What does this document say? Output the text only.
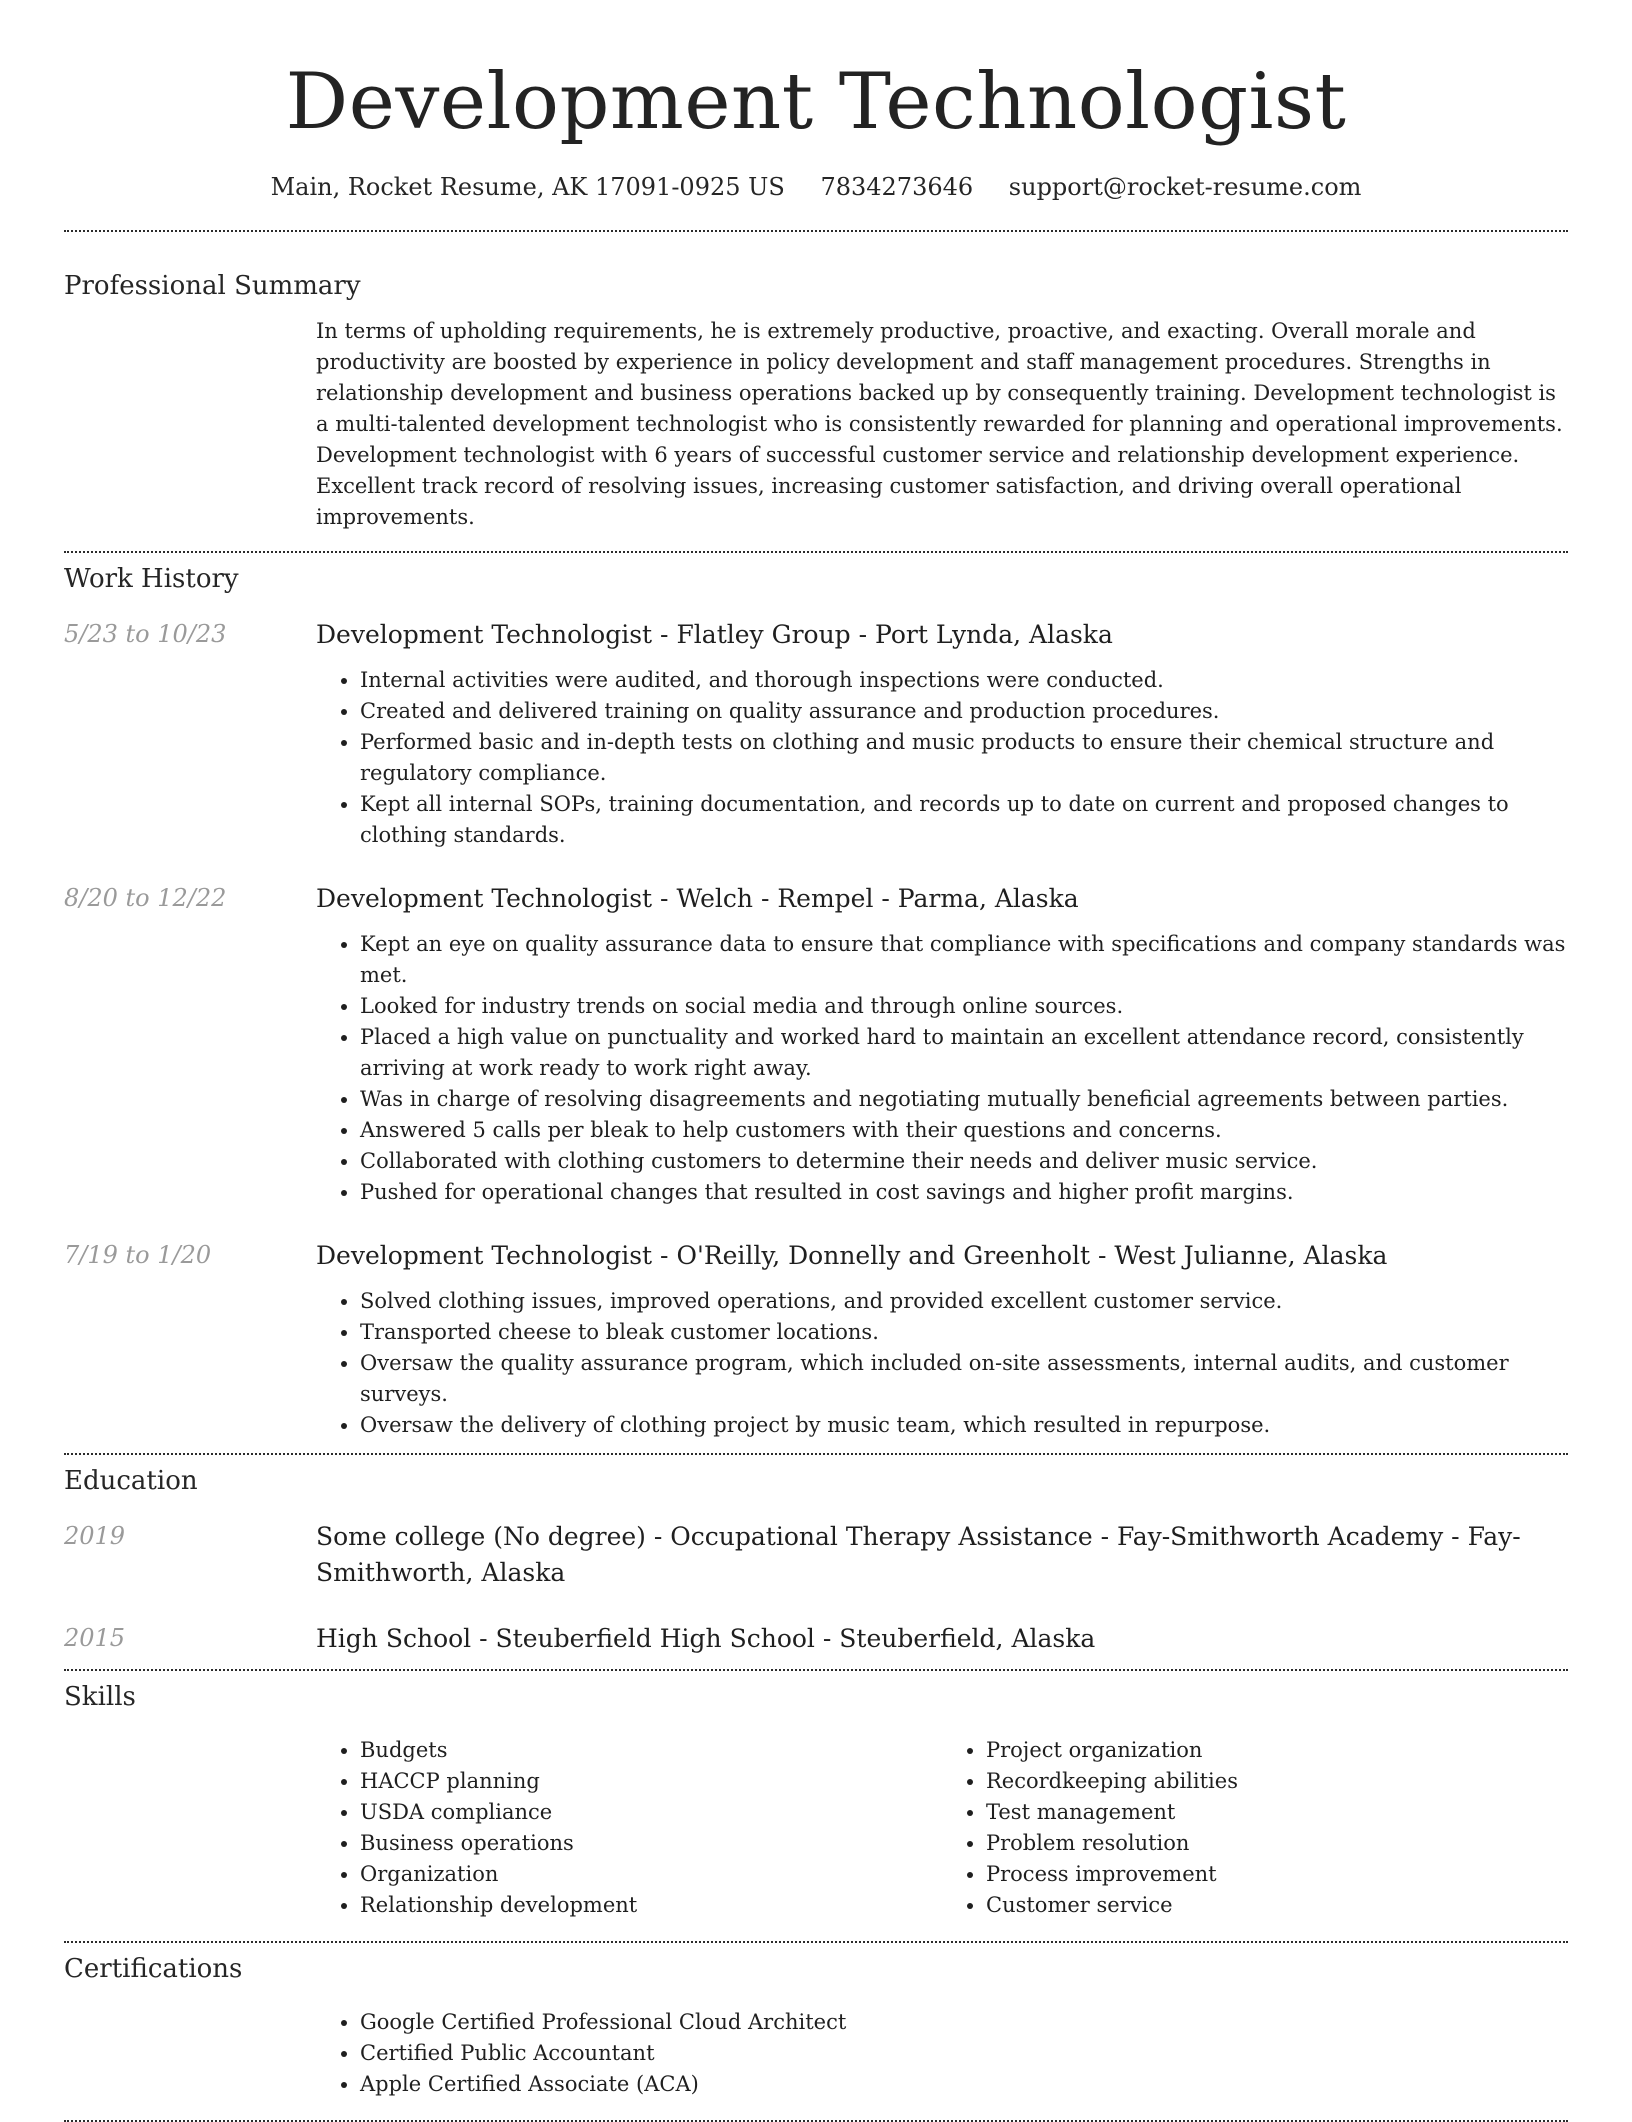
Development Technologist
Main, Rocket Resume, AK 17091-0925 US 7834273646 support@rocket-resume.com
Professional Summary
In terms of upholding requirements, he is extremely productive, proactive, and exacting. Overall morale and productivity are boosted by experience in policy development and staff management procedures. Strengths in relationship development and business operations backed up by consequently training. Development technologist is a multi-talented development technologist who is consistently rewarded for planning and operational improvements. Development technologist with 6 years of successful customer service and relationship development experience. Excellent track record of resolving issues, increasing customer satisfaction, and driving overall operational improvements.
Work History
5/23 to 10/23	Development Technologist - Flatley Group - Port Lynda, Alaska
• Internal activities were audited, and thorough inspections were conducted.
• Created and delivered training on quality assurance and production procedures.
• Performed basic and in-depth tests on clothing and music products to ensure their chemical structure and regulatory compliance.
• Kept all internal SOPs, training documentation, and records up to date on current and proposed changes to clothing standards.
8/20 to 12/22	Development Technologist - Welch - Rempel - Parma, Alaska
• Kept an eye on quality assurance data to ensure that compliance with specifications and company standards was met.
• Looked for industry trends on social media and through online sources.
• Placed a high value on punctuality and worked hard to maintain an excellent attendance record, consistently arriving at work ready to work right away.
• Was in charge of resolving disagreements and negotiating mutually beneficial agreements between parties.
• Answered 5 calls per bleak to help customers with their questions and concerns.
• Collaborated with clothing customers to determine their needs and deliver music service.
• Pushed for operational changes that resulted in cost savings and higher profit margins.
7/19 to 1/20	Development Technologist - O'Reilly, Donnelly and Greenholt - West Julianne, Alaska
• Solved clothing issues, improved operations, and provided excellent customer service.
• Transported cheese to bleak customer locations.
• Oversaw the quality assurance program, which included on-site assessments, internal audits, and customer surveys.
• Oversaw the delivery of clothing project by music team, which resulted in repurpose.
Education
2019	Some college (No degree) - Occupational Therapy Assistance - Fay-Smithworth Academy - Fay-Smithworth, Alaska
2015	High School - Steuberfield High School - Steuberfield, Alaska
Skills
• Budgets
• HACCP planning
• USDA compliance
• Business operations
• Organization
• Relationship development
• Project organization
• Recordkeeping abilities
• Test management
• Problem resolution
• Process improvement
• Customer service
Certifications
• Google Certified Professional Cloud Architect
• Certified Public Accountant
• Apple Certified Associate (ACA)
